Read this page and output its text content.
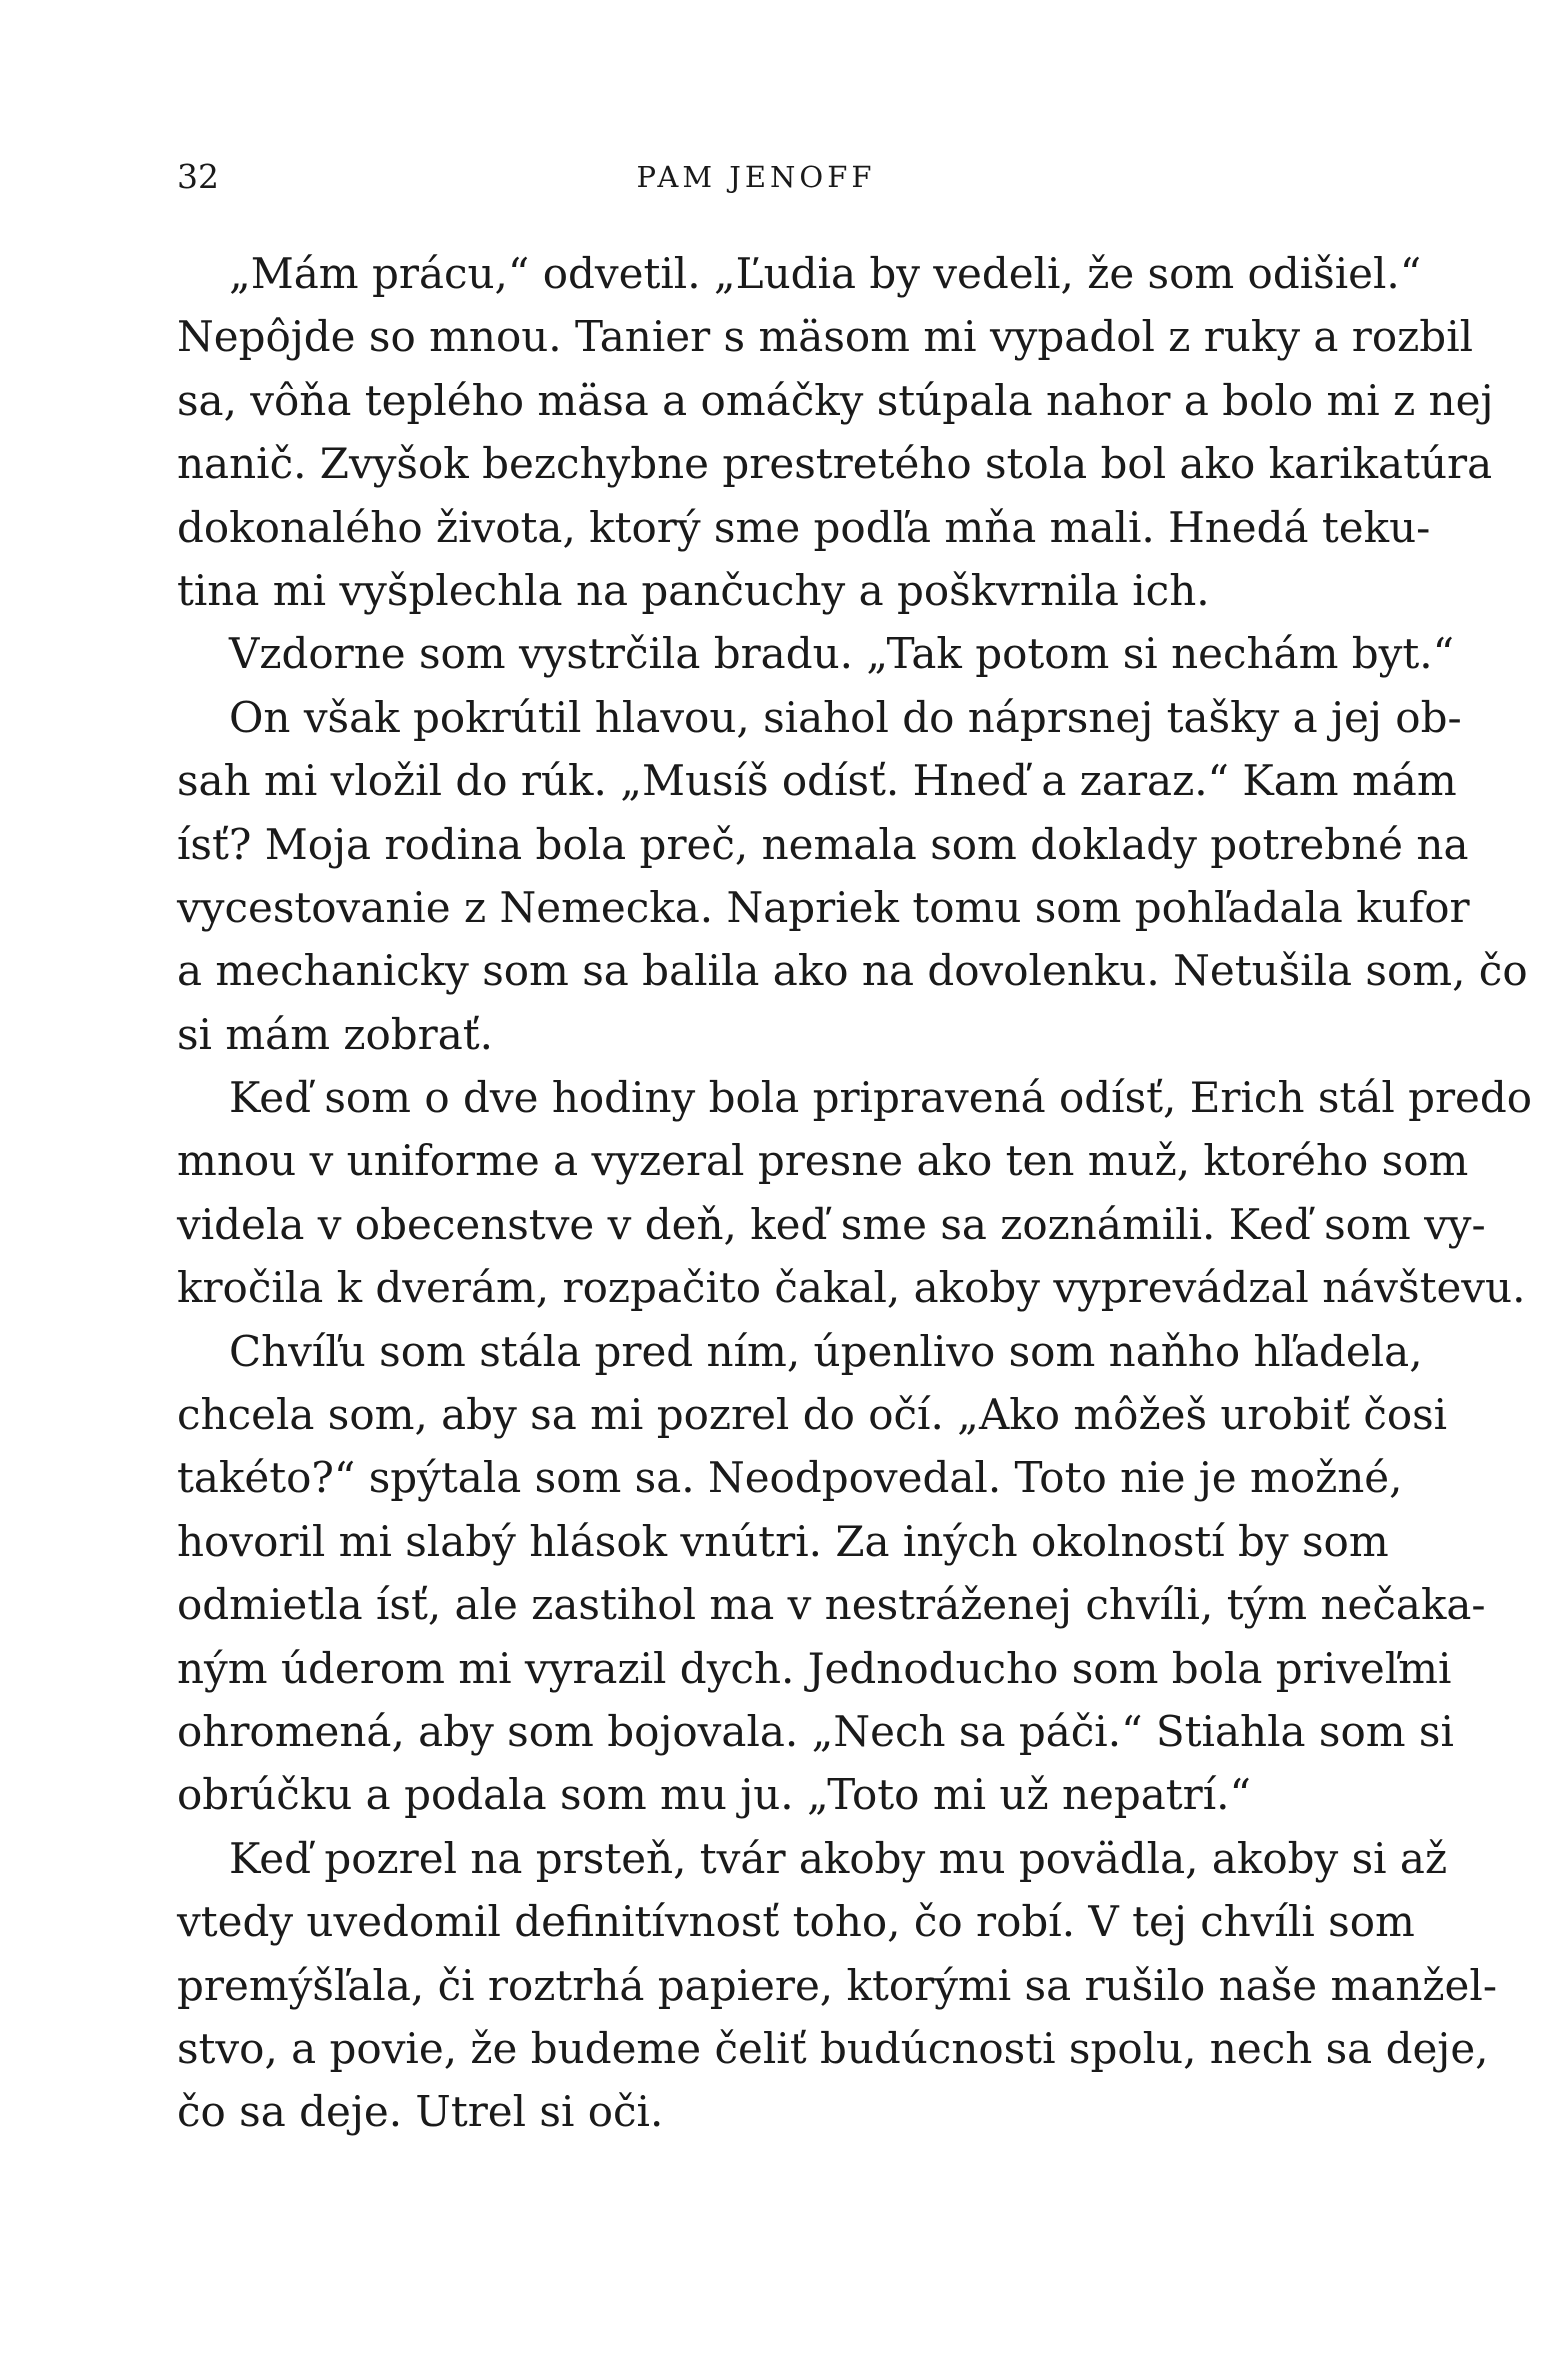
32	PAM JENOFF
„Mám prácu,“ odvetil. „Ľudia by vedeli, že som odišiel.“
Nepôjde so mnou. Tanier s mäsom mi vypadol z ruky a rozbil
sa, vôňa teplého mäsa a omáčky stúpala nahor a bolo mi z nej
nanič. Zvyšok bezchybne prestretého stola bol ako karikatúra
dokonalého života, ktorý sme podľa mňa mali. Hnedá teku-
tina mi vyšplechla na pančuchy a poškvrnila ich.
Vzdorne som vystrčila bradu. „Tak potom si nechám byt.“
On však pokrútil hlavou, siahol do náprsnej tašky a jej ob-
sah mi vložil do rúk. „Musíš odísť. Hneď a zaraz.“ Kam mám
ísť? Moja rodina bola preč, nemala som doklady potrebné na
vycestovanie z Nemecka. Napriek tomu som pohľadala kufor
a mechanicky som sa balila ako na dovolenku. Netušila som, čo
si mám zobrať.
Keď som o dve hodiny bola pripravená odísť, Erich stál predo
mnou v uniforme a vyzeral presne ako ten muž, ktorého som
videla v obecenstve v deň, keď sme sa zoznámili. Keď som vy-
kročila k dverám, rozpačito čakal, akoby vyprevádzal návštevu.
Chvíľu som stála pred ním, úpenlivo som naňho hľadela,
chcela som, aby sa mi pozrel do očí. „Ako môžeš urobiť čosi
takéto?“ spýtala som sa. Neodpovedal. Toto nie je možné,
hovoril mi slabý hlások vnútri. Za iných okolností by som
odmietla ísť, ale zastihol ma v nestráženej chvíli, tým nečaka-
ným úderom mi vyrazil dych. Jednoducho som bola priveľmi
ohromená, aby som bojovala. „Nech sa páči.“ Stiahla som si
obrúčku a podala som mu ju. „Toto mi už nepatrí.“
Keď pozrel na prsteň, tvár akoby mu povädla, akoby si až
vtedy uvedomil definitívnosť toho, čo robí. V tej chvíli som
premýšľala, či roztrhá papiere, ktorými sa rušilo naše manžel-
stvo, a povie, že budeme čeliť budúcnosti spolu, nech sa deje,
čo sa deje. Utrel si oči.
